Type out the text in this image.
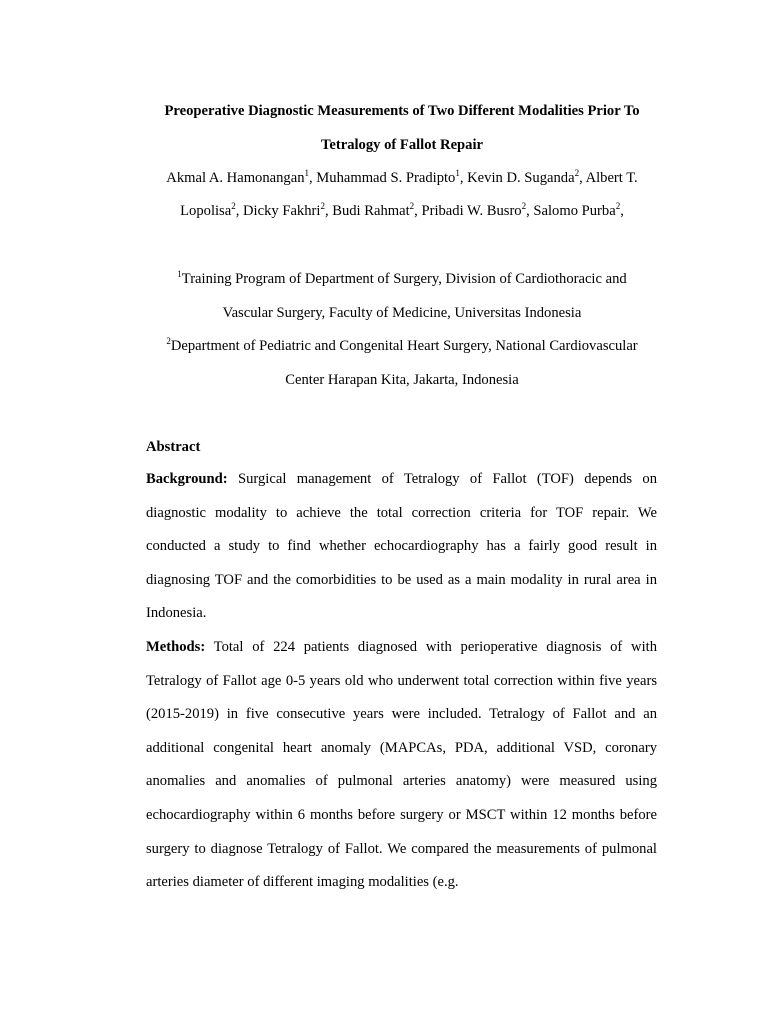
Preoperative Diagnostic Measurements of Two Different Modalities Prior To
Tetralogy of Fallot Repair
Akmal A. Hamonangan$^1$, Muhammad S. Pradipto$^1$, Kevin D. Suganda$^2$, Albert T.
Lopolisa$^2$, Dicky Fakhri$^2$, Budi Rahmat$^2$, Pribadi W. Busro$^2$, Salomo Purba$^2$,
$^1$Training Program of Department of Surgery, Division of Cardiothoracic and
Vascular Surgery, Faculty of Medicine, Universitas Indonesia
$^2$Department of Pediatric and Congenital Heart Surgery, National Cardiovascular
Center Harapan Kita, Jakarta, Indonesia
Abstract

Background: Surgical management of Tetralogy of Fallot (TOF) depends on diagnostic modality to achieve the total correction criteria for TOF repair. We conducted a study to find whether echocardiography has a fairly good result in diagnosing TOF and the comorbidities to be used as a main modality in rural area in Indonesia.

Methods: Total of 224 patients diagnosed with perioperative diagnosis of with Tetralogy of Fallot age 0-5 years old who underwent total correction within five years (2015-2019) in five consecutive years were included. Tetralogy of Fallot and an additional congenital heart anomaly (MAPCAs, PDA, additional VSD, coronary anomalies and anomalies of pulmonal arteries anatomy) were measured using echocardiography within 6 months before surgery or MSCT within 12 months before surgery to diagnose Tetralogy of Fallot. We compared the measurements of pulmonal arteries diameter of different imaging modalities (e.g.
